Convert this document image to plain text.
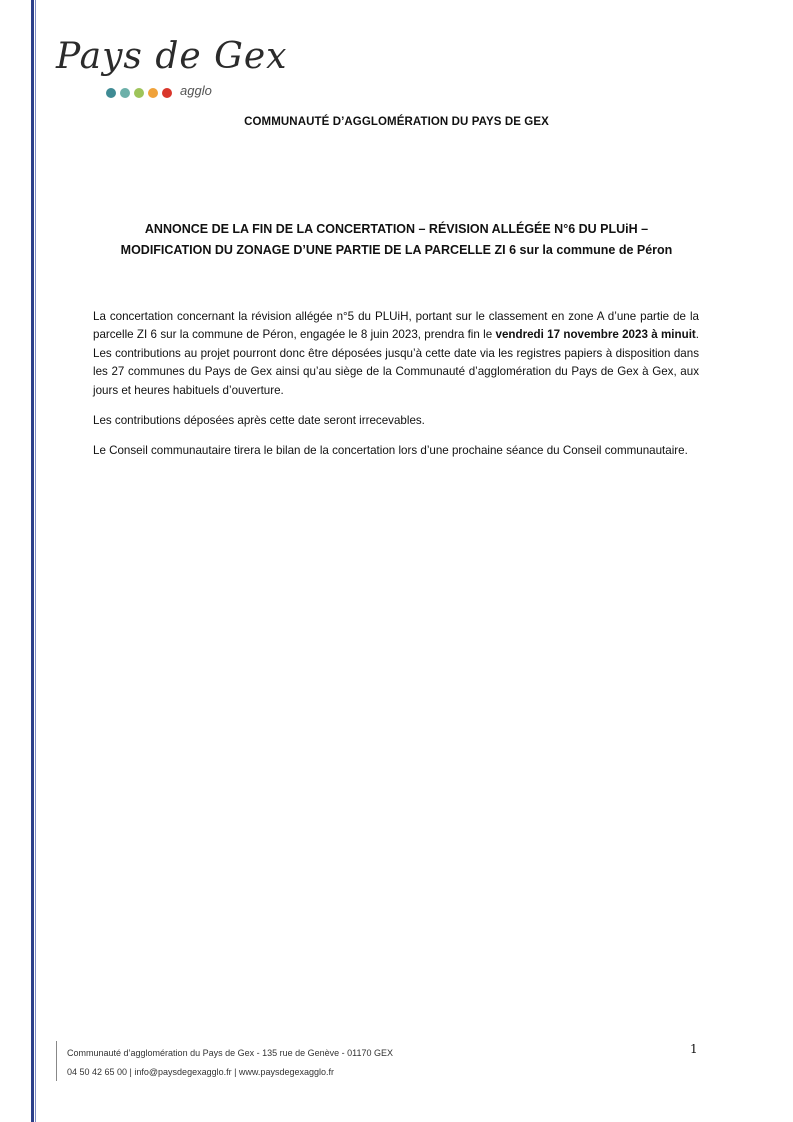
Pays de Gex
agglo
COMMUNAUTÉ D’AGGLOMÉRATION DU PAYS DE GEX
ANNONCE DE LA FIN DE LA CONCERTATION – RÉVISION ALLÉGÉE N°6 DU PLUiH –
MODIFICATION DU ZONAGE D’UNE PARTIE DE LA PARCELLE ZI 6 sur la commune de Péron

La concertation concernant la révision allégée n°5 du PLUiH, portant sur le classement en zone A d’une partie de la parcelle ZI 6 sur la commune de Péron, engagée le 8 juin 2023, prendra fin le vendredi 17 novembre 2023 à minuit. Les contributions au projet pourront donc être déposées jusqu’à cette date via les registres papiers à disposition dans les 27 communes du Pays de Gex ainsi qu’au siège de la Communauté d’agglomération du Pays de Gex à Gex, aux jours et heures habituels d’ouverture.

Les contributions déposées après cette date seront irrecevables.

Le Conseil communautaire tirera le bilan de la concertation lors d’une prochaine séance du Conseil communautaire.

Communauté d’agglomération du Pays de Gex - 135 rue de Genève - 01170 GEX
04 50 42 65 00 | info@paysdegexagglo.fr | www.paysdegexagglo.fr
1
